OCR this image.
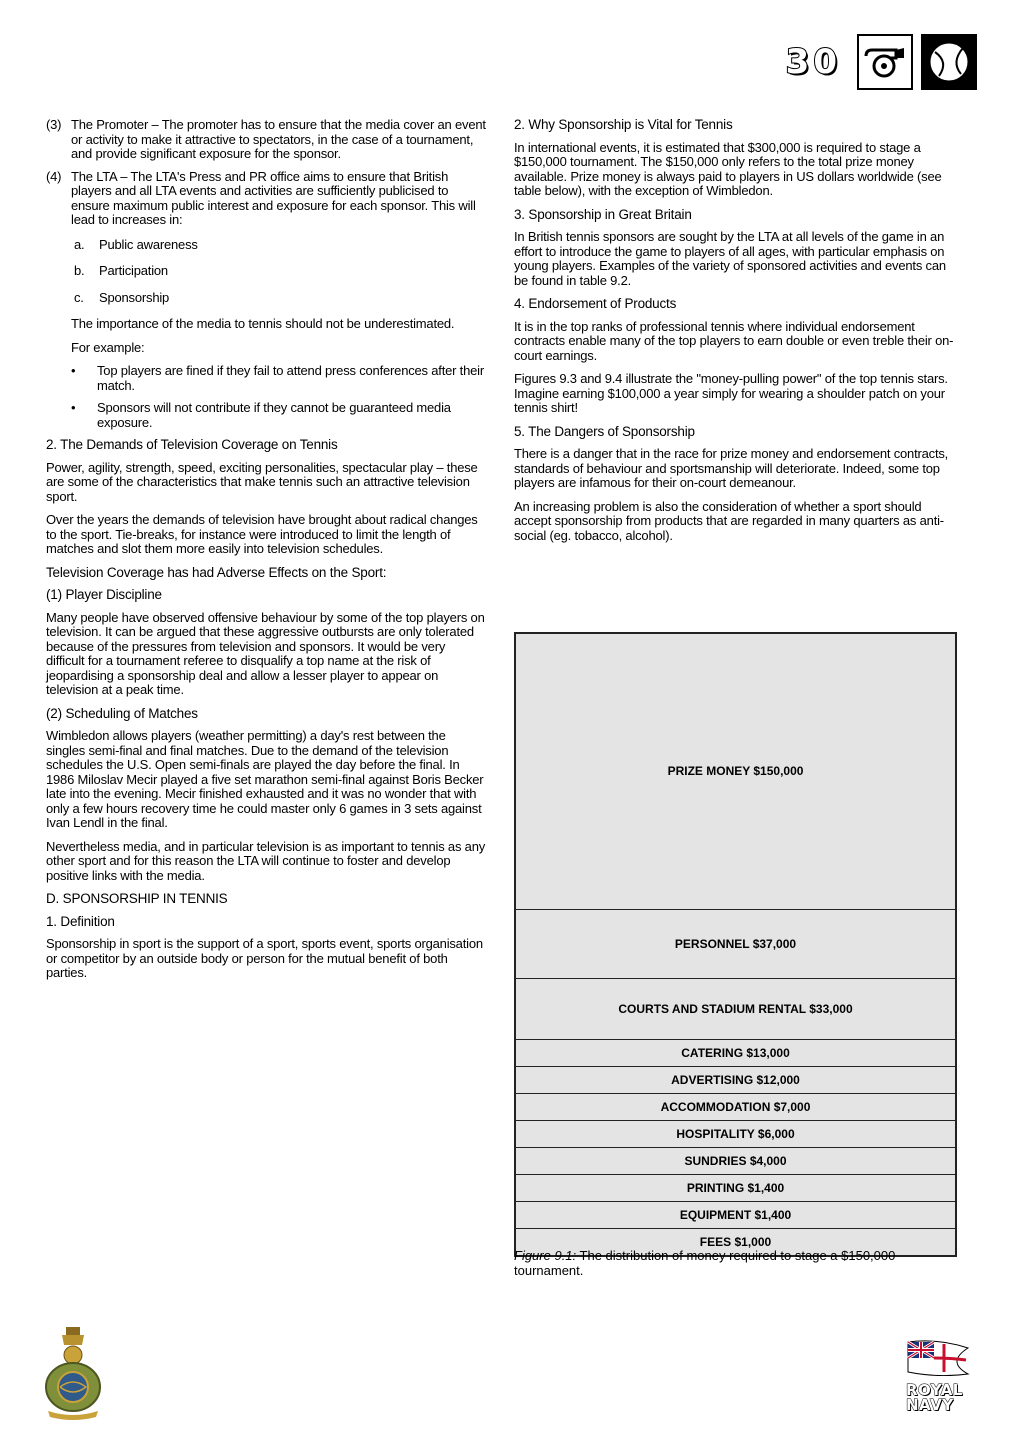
30
(3) The Promoter – The promoter has to ensure that the media cover an event or activity to make it attractive to spectators, in the case of a tournament, and provide significant exposure for the sponsor.
(4) The LTA – The LTA's Press and PR office aims to ensure that British players and all LTA events and activities are sufficiently publicised to ensure maximum public interest and exposure for each sponsor. This will lead to increases in:
a.	Public awareness
b.	Participation
c.	Sponsorship

The importance of the media to tennis should not be underestimated.

For example:

•	Top players are fined if they fail to attend press conferences after their match.
•	Sponsors will not contribute if they cannot be guaranteed media exposure.

2. The Demands of Television Coverage on Tennis

Power, agility, strength, speed, exciting personalities, spectacular play – these are some of the characteristics that make tennis such an attractive television sport.

Over the years the demands of television have brought about radical changes to the sport. Tie-breaks, for instance were introduced to limit the length of matches and slot them more easily into television schedules.

Television Coverage has had Adverse Effects on the Sport:

(1) Player Discipline

Many people have observed offensive behaviour by some of the top players on television. It can be argued that these aggressive outbursts are only tolerated because of the pressures from television and sponsors. It would be very difficult for a tournament referee to disqualify a top name at the risk of jeopardising a sponsorship deal and allow a lesser player to appear on television at a peak time.

(2) Scheduling of Matches

Wimbledon allows players (weather permitting) a day's rest between the singles semi-final and final matches. Due to the demand of the television schedules the U.S. Open semi-finals are played the day before the final. In 1986 Miloslav Mecir played a five set marathon semi-final against Boris Becker late into the evening. Mecir finished exhausted and it was no wonder that with only a few hours recovery time he could master only 6 games in 3 sets against Ivan Lendl in the final.

Nevertheless media, and in particular television is as important to tennis as any other sport and for this reason the LTA will continue to foster and develop positive links with the media.

D. SPONSORSHIP IN TENNIS

1. Definition

Sponsorship in sport is the support of a sport, sports event, sports organisation or competitor by an outside body or person for the mutual benefit of both parties.

2. Why Sponsorship is Vital for Tennis

In international events, it is estimated that $300,000 is required to stage a $150,000 tournament. The $150,000 only refers to the total prize money available. Prize money is always paid to players in US dollars worldwide (see table below), with the exception of Wimbledon.

3. Sponsorship in Great Britain

In British tennis sponsors are sought by the LTA at all levels of the game in an effort to introduce the game to players of all ages, with particular emphasis on young players. Examples of the variety of sponsored activities and events can be found in table 9.2.

4. Endorsement of Products

It is in the top ranks of professional tennis where individual endorsement contracts enable many of the top players to earn double or even treble their on-court earnings.

Figures 9.3 and 9.4 illustrate the "money-pulling power" of the top tennis stars. Imagine earning $100,000 a year simply for wearing a shoulder patch on your tennis shirt!

5. The Dangers of Sponsorship

There is a danger that in the race for prize money and endorsement contracts, standards of behaviour and sportsmanship will deteriorate. Indeed, some top players are infamous for their on-court demeanour.

An increasing problem is also the consideration of whether a sport should accept sponsorship from products that are regarded in many quarters as anti-social (eg. tobacco, alcohol).

PRIZE MONEY $150,000
PERSONNEL $37,000
COURTS AND STADIUM RENTAL $33,000
CATERING $13,000
ADVERTISING $12,000
ACCOMMODATION $7,000
HOSPITALITY $6,000
SUNDRIES $4,000
PRINTING $1,400
EQUIPMENT $1,400
FEES $1,000
Figure 9.1: The distribution of money required to stage a $150,000 tournament.
ROYAL
NAVY
